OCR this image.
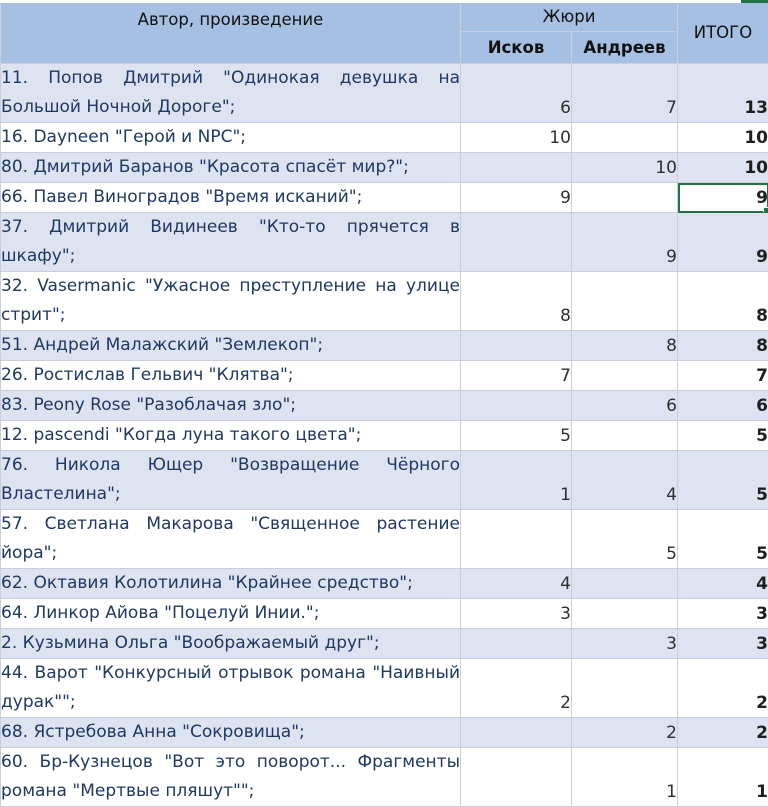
Автор, произведение	Жюри		ИТОГО
	Исков	Андреев	
11. Попов Дмитрий "Одинокая девушка на Большой Ночной Дороге";	6	7	13
16. Dayneen "Герой и NPC";	10		10
80. Дмитрий Баранов "Красота спасёт мир?";		10	10
66. Павел Виноградов "Время исканий";	9		9
37. Дмитрий Видинеев "Кто-то прячется в шкафу";		9	9
32. Vasermanic "Ужасное преступление на улице стрит";	8		8
51. Андрей Малажский "Землекоп";		8	8
26. Ростислав Гельвич "Клятва";	7		7
83. Peony Rose "Разоблачая зло";		6	6
12. pascendi "Когда луна такого цвета";	5		5
76. Никола Ющер "Возвращение Чёрного Властелина";	1	4	5
57. Светлана Макарова "Священное растение йора";		5	5
62. Октавия Колотилина "Крайнее средство";	4		4
64. Линкор Айова "Поцелуй Инии.";	3		3
2. Кузьмина Ольга "Воображаемый друг";		3	3
44. Варот "Конкурсный отрывок романа "Наивный дурак"";	2		2
68. Ястребова Анна "Сокровища";		2	2
60. Бр-Кузнецов "Вот это поворот... Фрагменты романа "Мертвые пляшут"";		1	1
